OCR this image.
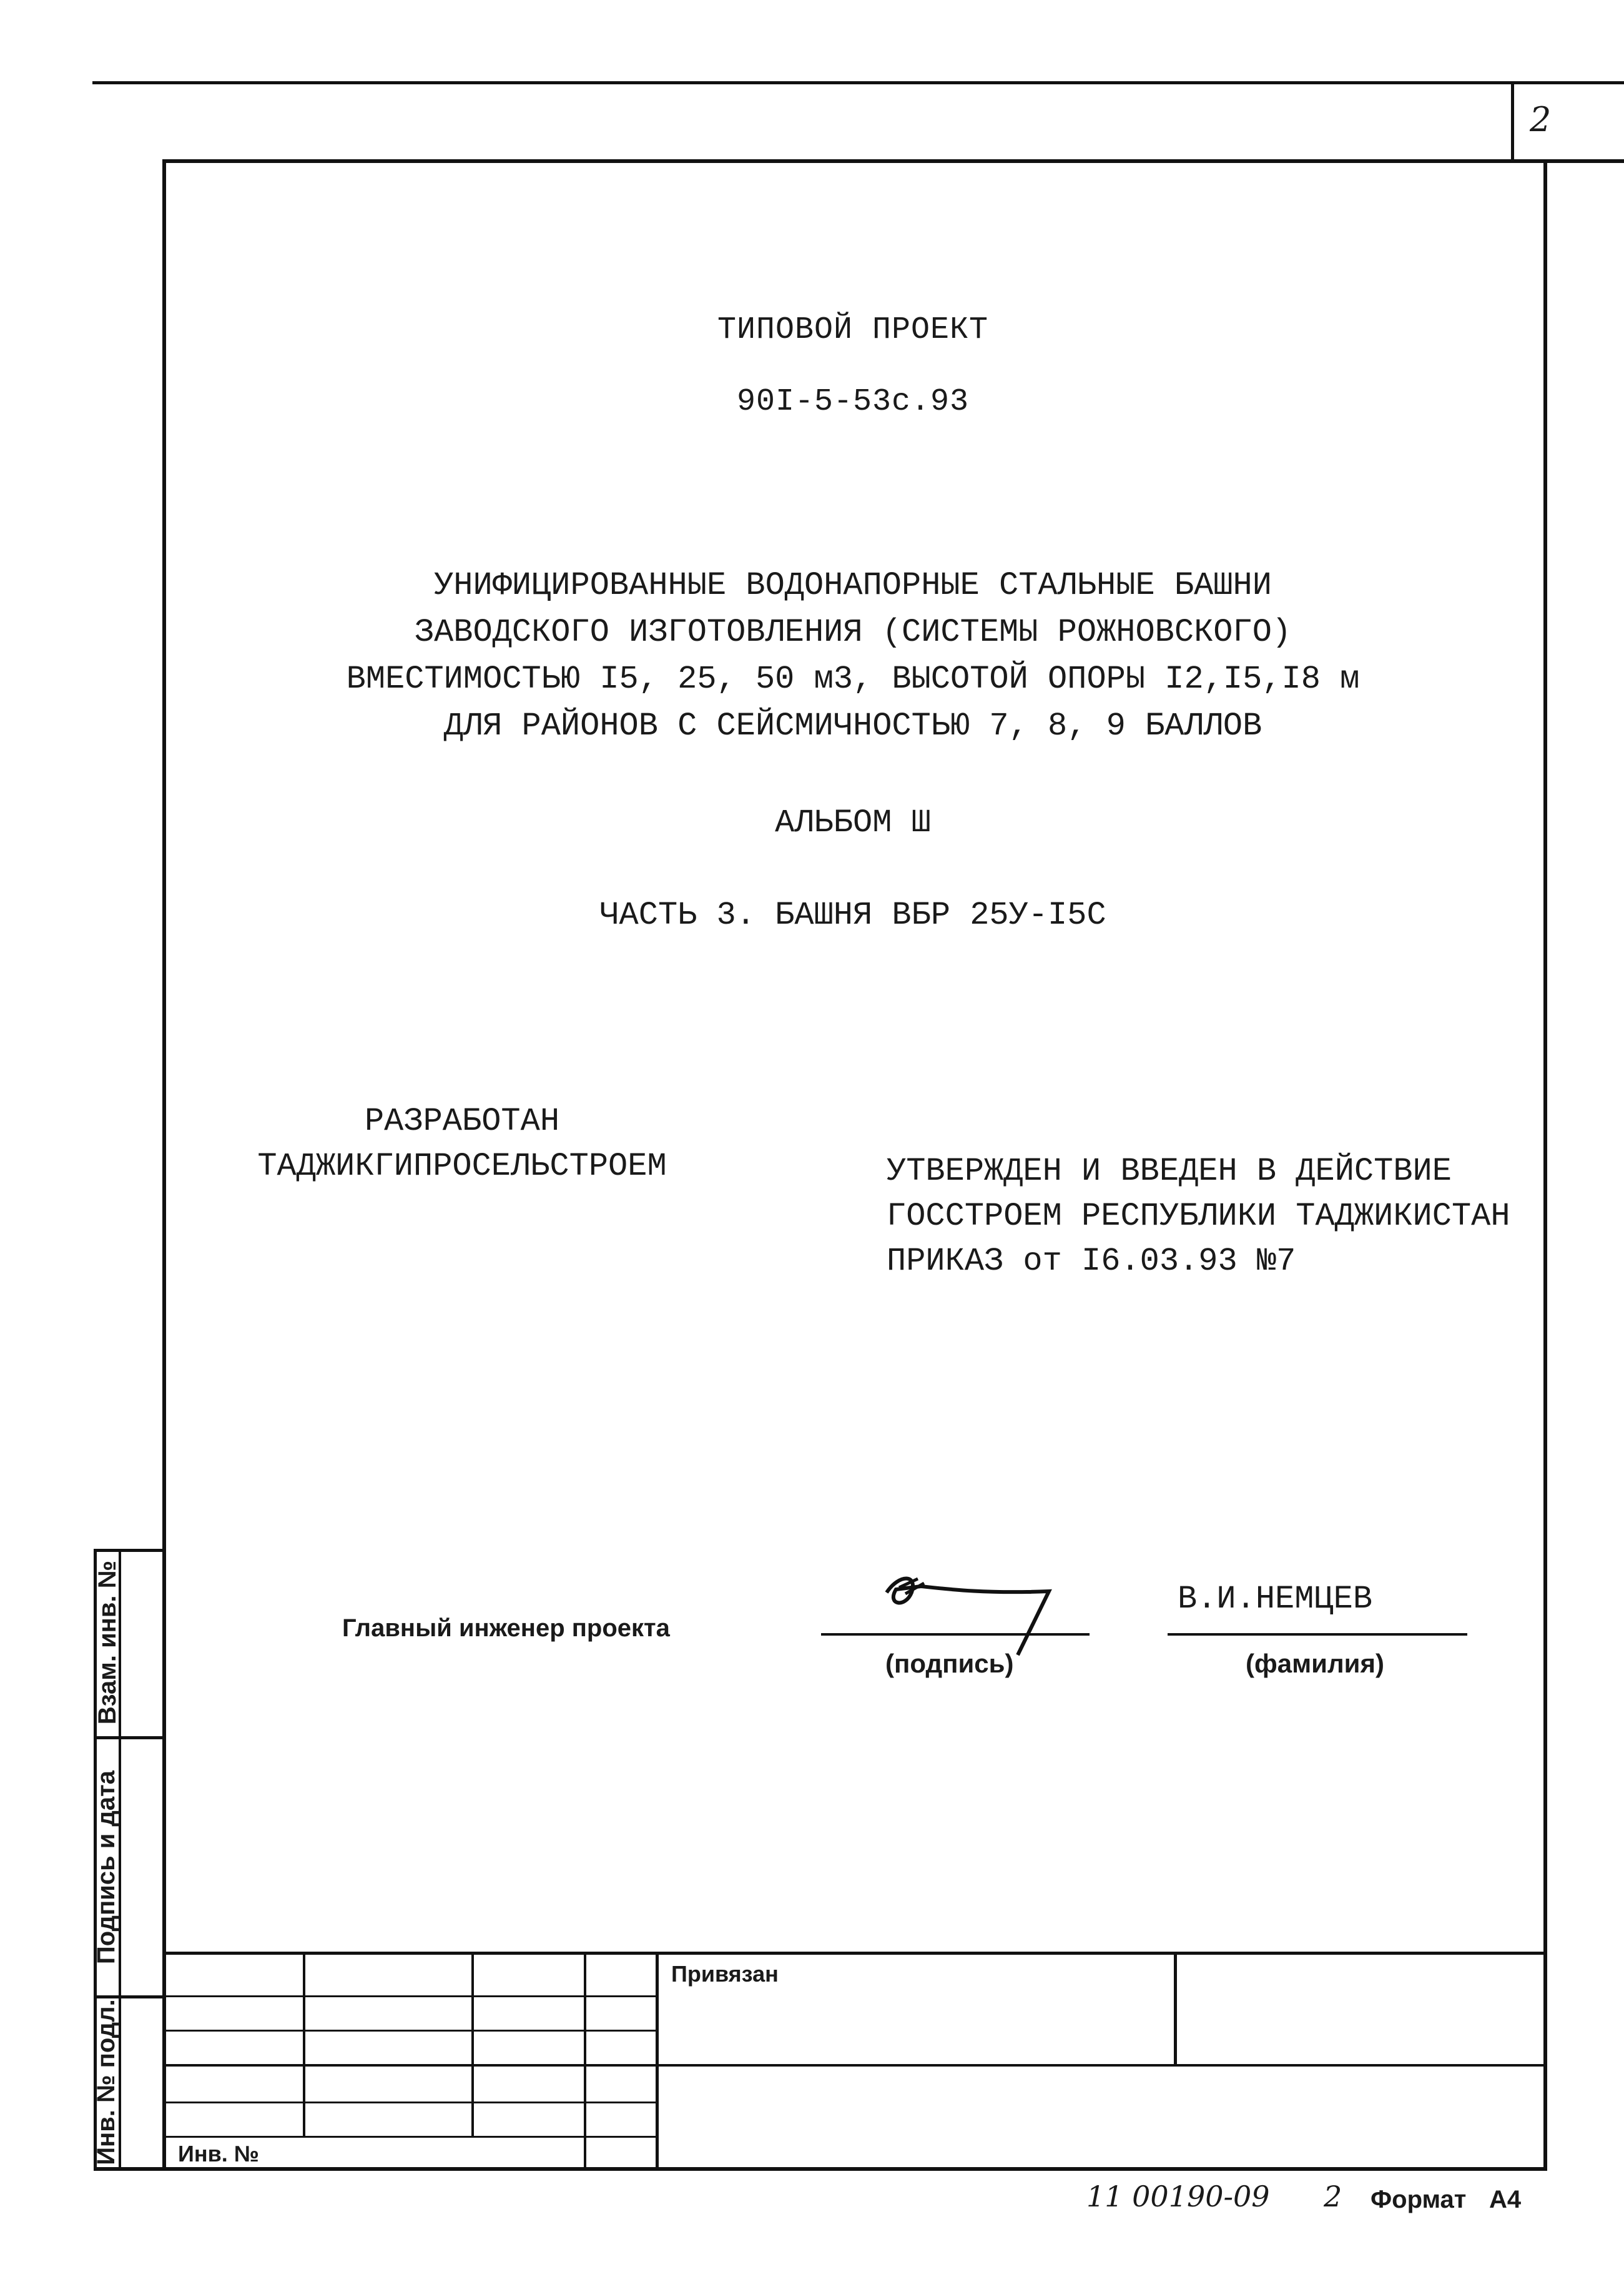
2
ТИПОВОЙ ПРОЕКТ
90I-5-53с.93
УНИФИЦИРОВАННЫЕ ВОДОНАПОРНЫЕ СТАЛЬНЫЕ БАШНИ
ЗАВОДСКОГО ИЗГОТОВЛЕНИЯ (СИСТЕМЫ РОЖНОВСКОГО)
ВМЕСТИМОСТЬЮ I5, 25, 50 м3, ВЫСОТОЙ ОПОРЫ I2,I5,I8 м
ДЛЯ РАЙОНОВ С СЕЙСМИЧНОСТЬЮ 7, 8, 9 БАЛЛОВ
АЛЬБОМ Ш
ЧАСТЬ 3. БАШНЯ ВБР 25У-I5С
РАЗРАБОТАН
ТАДЖИКГИПРОСЕЛЬСТРОЕМ	УТВЕРЖДЕН И ВВЕДЕН В ДЕЙСТВИЕ
ГОССТРОЕМ РЕСПУБЛИКИ ТАДЖИКИСТАН
ПРИКАЗ от I6.03.93 №7
Главный инженер проекта
(подпись)
В.И.НЕМЦЕВ
(фамилия)
Взам. инв. №
Подпись и дата
Инв. № подл.
Привязан
Инв. №
11 00190-09 2 Формат А4
